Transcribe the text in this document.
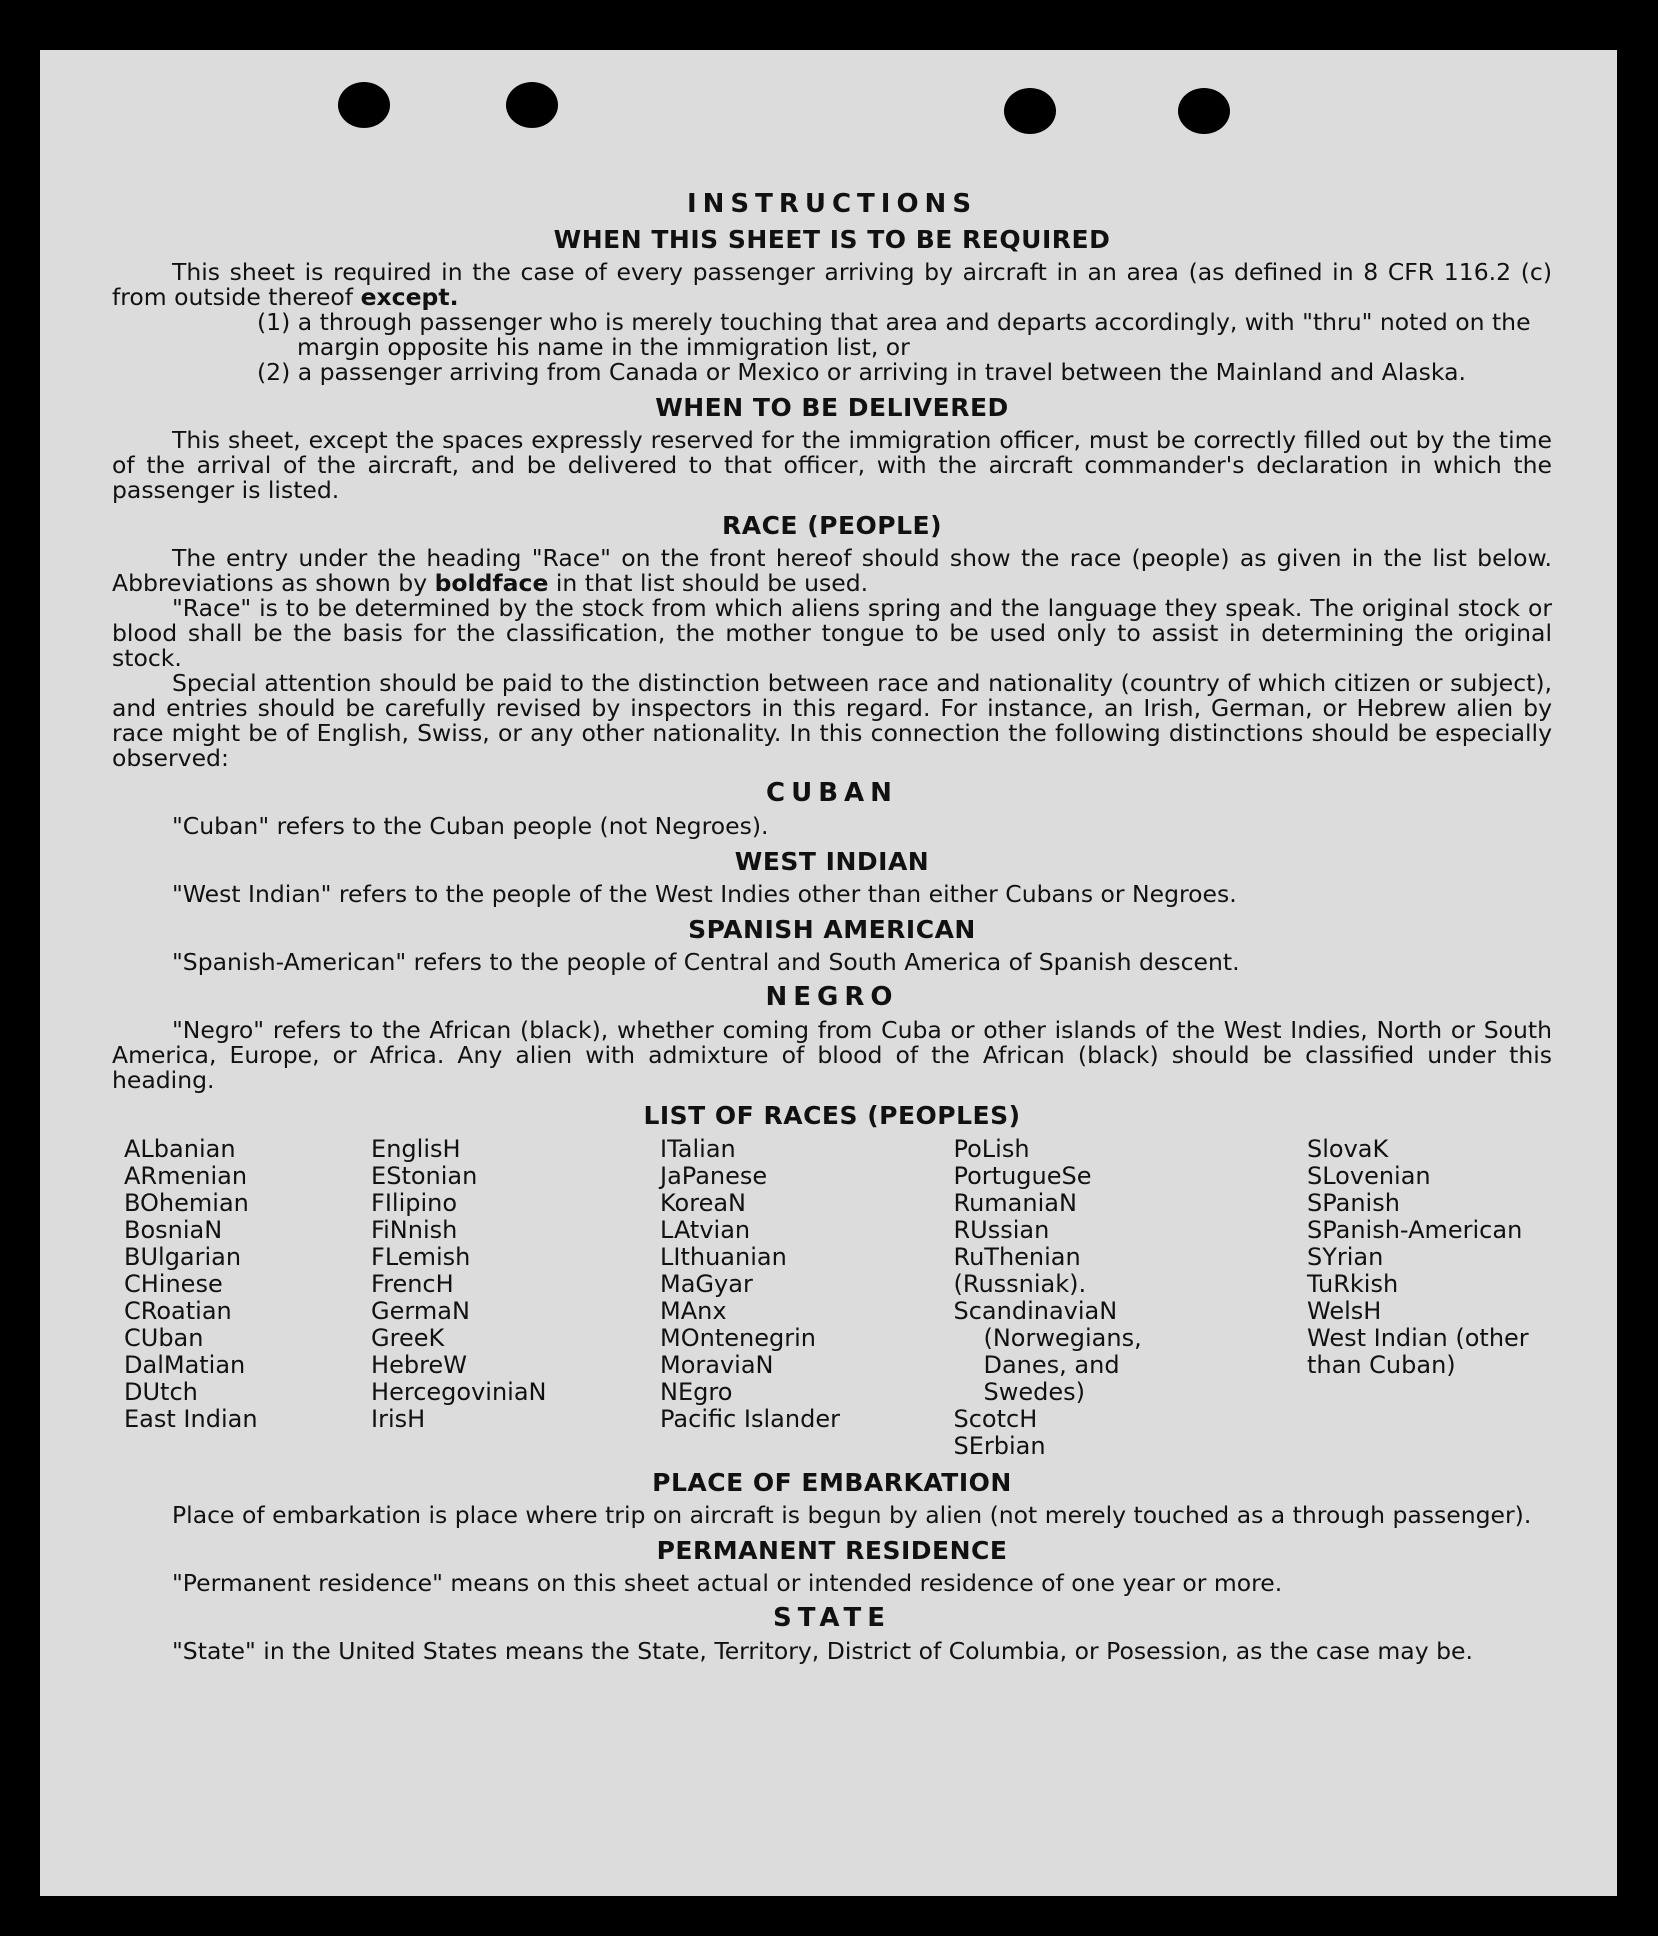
INSTRUCTIONS
WHEN THIS SHEET IS TO BE REQUIRED

This sheet is required in the case of every passenger arriving by aircraft in an area (as defined in 8 CFR 116.2 (c) from outside thereof except.

(1) a through passenger who is merely touching that area and departs accordingly, with "thru" noted on the margin opposite his name in the immigration list, or

(2) a passenger arriving from Canada or Mexico or arriving in travel between the Mainland and Alaska.

WHEN TO BE DELIVERED

This sheet, except the spaces expressly reserved for the immigration officer, must be correctly filled out by the time of the arrival of the aircraft, and be delivered to that officer, with the aircraft commander's declaration in which the passenger is listed.

RACE (PEOPLE)

The entry under the heading "Race" on the front hereof should show the race (people) as given in the list below. Abbreviations as shown by boldface in that list should be used.

"Race" is to be determined by the stock from which aliens spring and the language they speak. The original stock or blood shall be the basis for the classification, the mother tongue to be used only to assist in determining the original stock.

Special attention should be paid to the distinction between race and nationality (country of which citizen or subject), and entries should be carefully revised by inspectors in this regard. For instance, an Irish, German, or Hebrew alien by race might be of English, Swiss, or any other nationality. In this connection the following distinctions should be especially observed:

CUBAN

"Cuban" refers to the Cuban people (not Negroes).

WEST INDIAN

"West Indian" refers to the people of the West Indies other than either Cubans or Negroes.

SPANISH AMERICAN

"Spanish-American" refers to the people of Central and South America of Spanish descent.

NEGRO

"Negro" refers to the African (black), whether coming from Cuba or other islands of the West Indies, North or South America, Europe, or Africa. Any alien with admixture of blood of the African (black) should be classified under this heading.

LIST OF RACES (PEOPLES)
ALbanian
ARmenian
BOhemian
BosniaN
BUlgarian
CHinese
CRoatian
CUban
DalMatian
DUtch
East Indian
EnglisH
EStonian
FIlipino
FiNnish
FLemish
FrencH
GermaN
GreeK
HebreW
HercegoviniaN
IrisH
ITalian
JaPanese
KoreaN
LAtvian
LIthuanian
MaGyar
MAnx
MOntenegrin
MoraviaN
NEgro
Pacific Islander
PoLish
PortugueSe
RumaniaN
RUssian
RuThenian (Russniak).
ScandinaviaN
(Norwegians, Danes, and Swedes)
ScotcH
SErbian
SlovaK
SLovenian
SPanish
SPanish-American
SYrian
TuRkish
WelsH
West Indian (other than Cuban)
PLACE OF EMBARKATION

Place of embarkation is place where trip on aircraft is begun by alien (not merely touched as a through passenger).

PERMANENT RESIDENCE

"Permanent residence" means on this sheet actual or intended residence of one year or more.

STATE

"State" in the United States means the State, Territory, District of Columbia, or Posession, as the case may be.
